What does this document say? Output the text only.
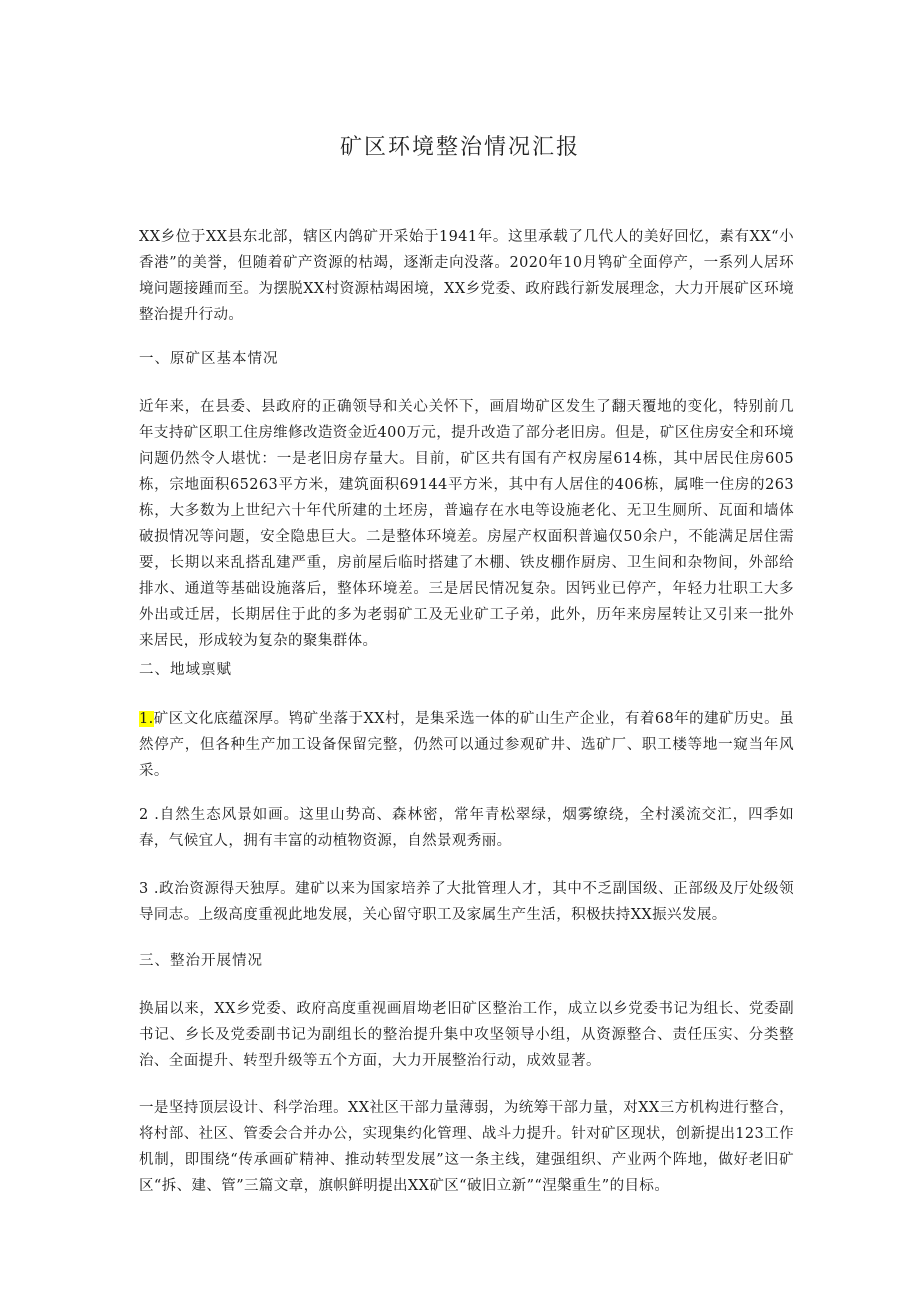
矿区环境整治情况汇报
XX乡位于XX县东北部，辖区内鸽矿开采始于1941年。这里承载了几代人的美好回忆，素有XX“小香港”的美誉，但随着矿产资源的枯竭，逐渐走向没落。2020年10月鸨矿全面停产，一系列人居环境问题接踵而至。为摆脱XX村资源枯竭困境，XX乡党委、政府践行新发展理念，大力开展矿区环境整治提升行动。
一、原矿区基本情况
近年来，在县委、县政府的正确领导和关心关怀下，画眉坳矿区发生了翻天覆地的变化，特别前几年支持矿区职工住房维修改造资金近400万元，提升改造了部分老旧房。但是，矿区住房安全和环境问题仍然令人堪忧：一是老旧房存量大。目前，矿区共有国有产权房屋614栋，其中居民住房605栋，宗地面积65263平方米，建筑面积69144平方米，其中有人居住的406栋，属唯一住房的263栋，大多数为上世纪六十年代所建的土坯房，普遍存在水电等设施老化、无卫生厕所、瓦面和墙体破损情况等问题，安全隐患巨大。二是整体环境差。房屋产权面积普遍仅50余户，不能满足居住需要，长期以来乱搭乱建严重，房前屋后临时搭建了木棚、铁皮棚作厨房、卫生间和杂物间，外部给排水、通道等基础设施落后，整体环境差。三是居民情况复杂。因钙业已停产，年轻力壮职工大多外出或迁居，长期居住于此的多为老弱矿工及无业矿工子弟，此外，历年来房屋转让又引来一批外来居民，形成较为复杂的聚集群体。
二、地域禀赋
1.矿区文化底蕴深厚。鸨矿坐落于XX村，是集采选一体的矿山生产企业，有着68年的建矿历史。虽然停产，但各种生产加工设备保留完整，仍然可以通过参观矿井、选矿厂、职工楼等地一窥当年风采。
2 .自然生态风景如画。这里山势高、森林密，常年青松翠绿，烟雾缭绕，全村溪流交汇，四季如春，气候宜人，拥有丰富的动植物资源，自然景观秀丽。
3 .政治资源得天独厚。建矿以来为国家培养了大批管理人才，其中不乏副国级、正部级及厅处级领导同志。上级高度重视此地发展，关心留守职工及家属生产生活，积极扶持XX振兴发展。
三、整治开展情况
换届以来，XX乡党委、政府高度重视画眉坳老旧矿区整治工作，成立以乡党委书记为组长、党委副书记、乡长及党委副书记为副组长的整治提升集中攻坚领导小组，从资源整合、责任压实、分类整治、全面提升、转型升级等五个方面，大力开展整治行动，成效显著。
一是坚持顶层设计、科学治理。XX社区干部力量薄弱，为统筹干部力量，对XX三方机构进行整合，将村部、社区、管委会合并办公，实现集约化管理、战斗力提升。针对矿区现状，创新提出123工作机制，即围绕“传承画矿精神、推动转型发展”这一条主线，建强组织、产业两个阵地，做好老旧矿区“拆、建、管”三篇文章，旗帜鲜明提出XX矿区“破旧立新”“涅槃重生”的目标。
